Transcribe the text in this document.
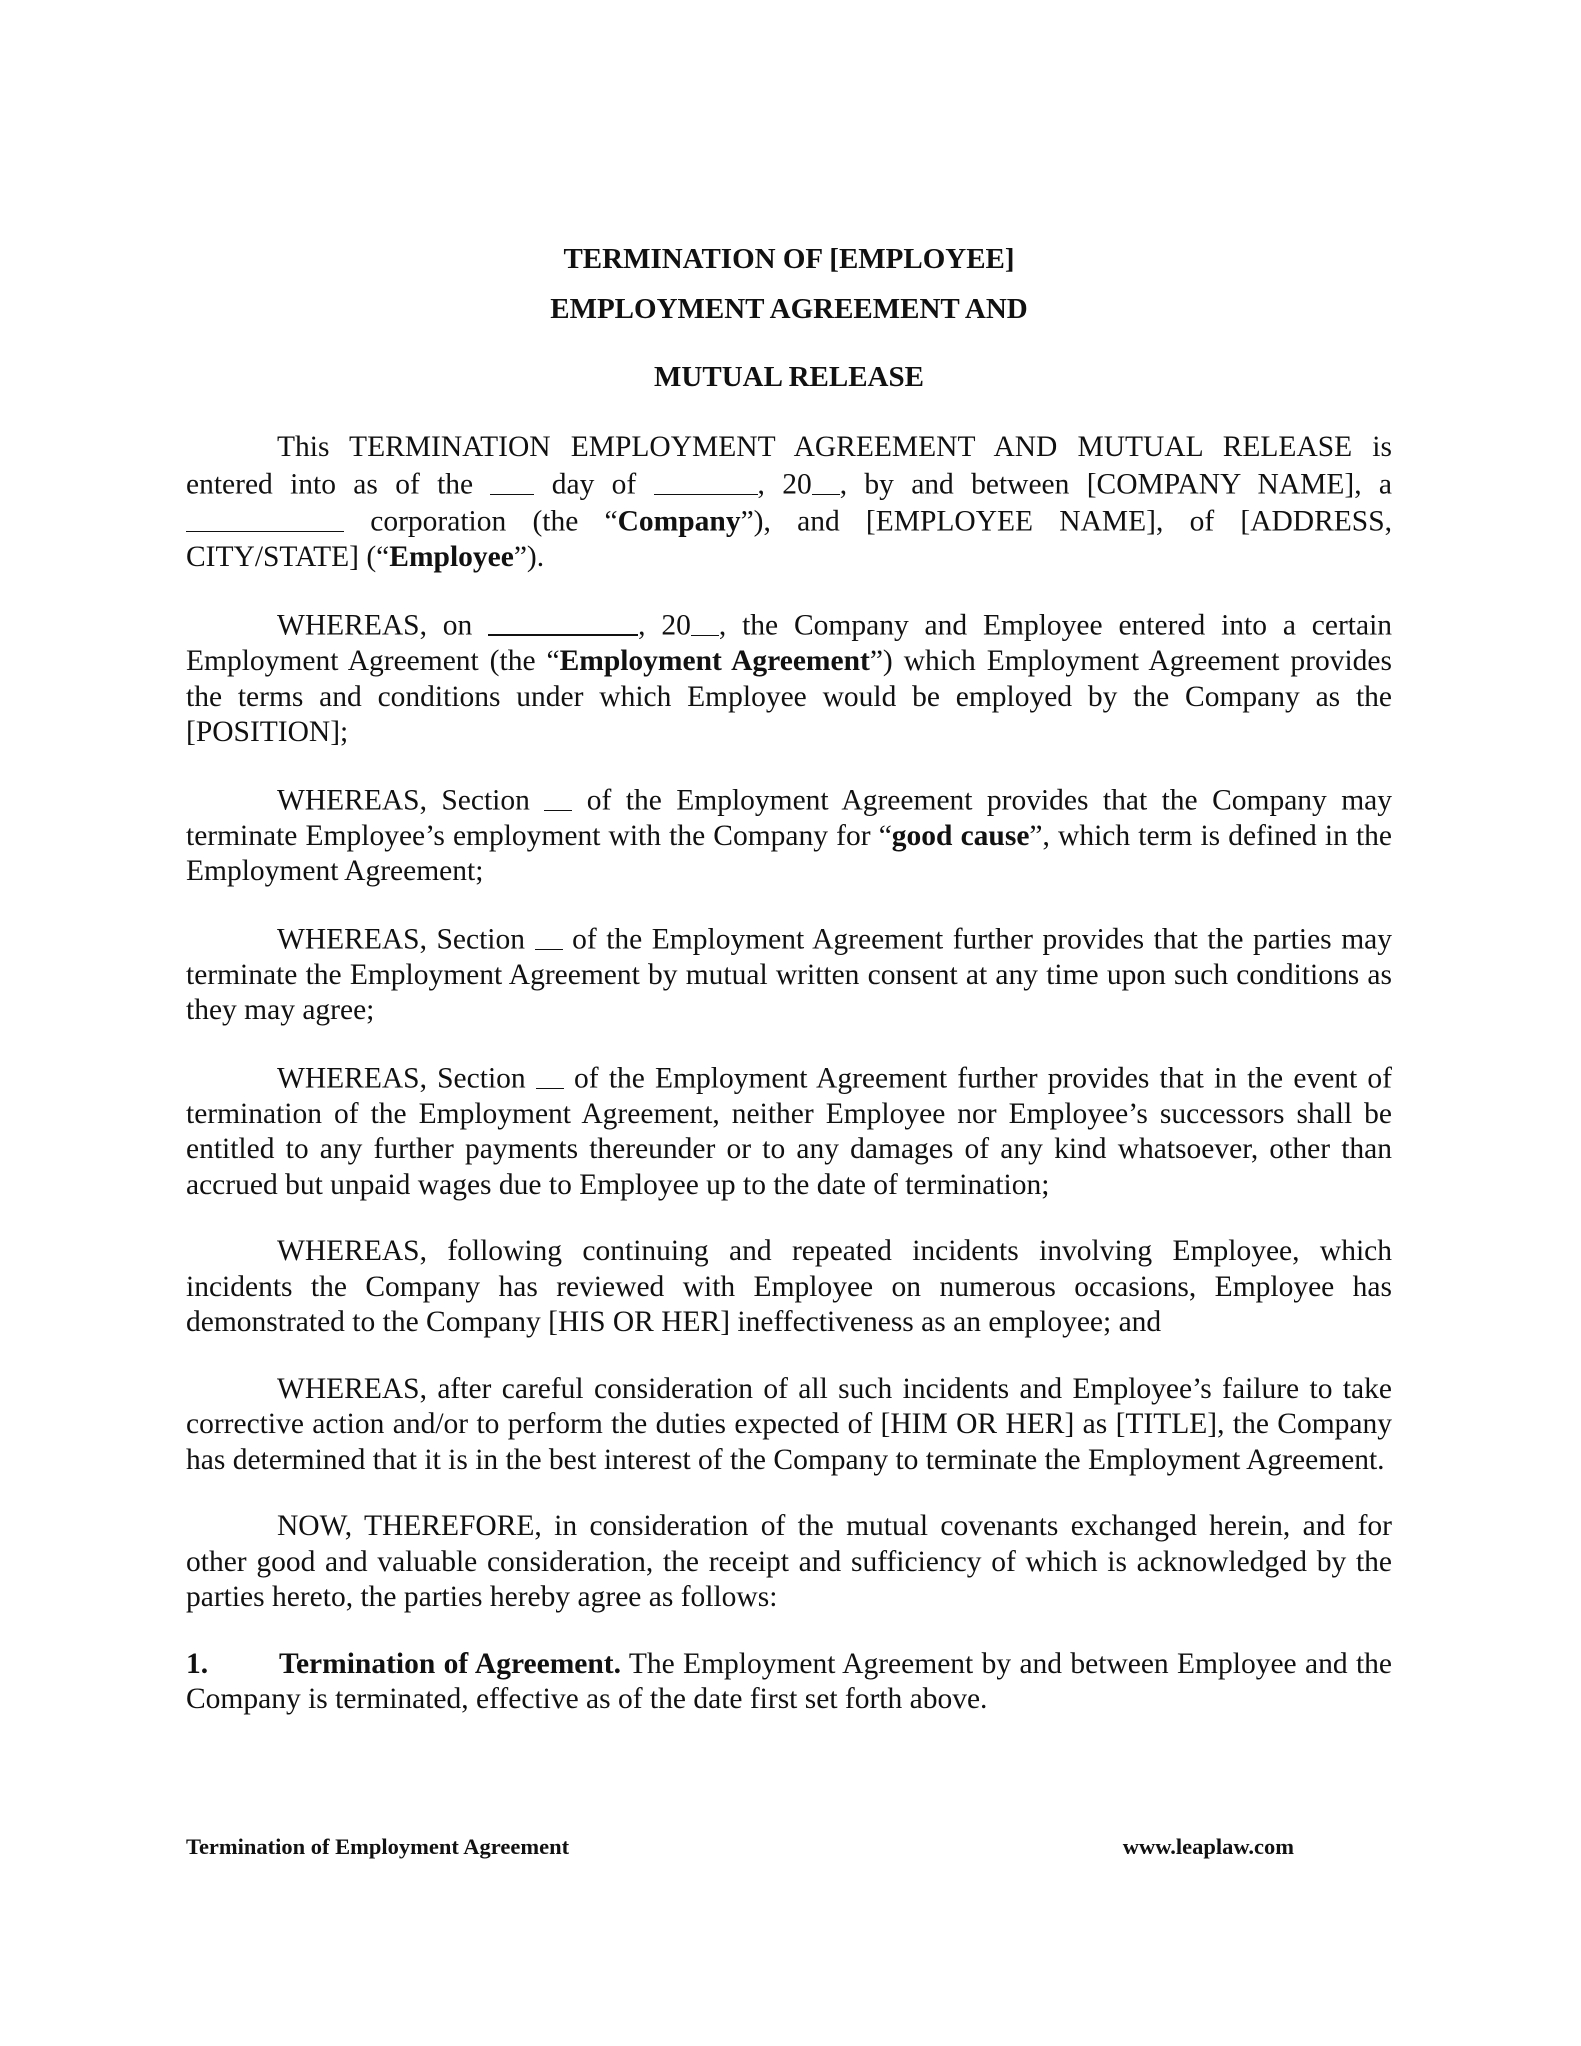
TERMINATION OF [EMPLOYEE]
EMPLOYMENT AGREEMENT AND
MUTUAL RELEASE

This TERMINATION EMPLOYMENT AGREEMENT AND MUTUAL RELEASE is entered into as of the	day of	, 20 , by and between [COMPANY NAME], a  corporation (the “Company”), and [EMPLOYEE NAME], of [ADDRESS, CITY/STATE] (“Employee”).

WHEREAS, on	, 20 , the Company and Employee entered into a certain Employment Agreement (the “Employment Agreement”) which Employment Agreement provides the terms and conditions under which Employee would be employed by the Company as the [POSITION];

WHEREAS, Section of the Employment Agreement provides that the Company may terminate Employee’s employment with the Company for “good cause”, which term is defined in the Employment Agreement;

WHEREAS, Section of the Employment Agreement further provides that the parties may terminate the Employment Agreement by mutual written consent at any time upon such conditions as they may agree;

WHEREAS, Section of the Employment Agreement further provides that in the event of termination of the Employment Agreement, neither Employee nor Employee’s successors shall be entitled to any further payments thereunder or to any damages of any kind whatsoever, other than accrued but unpaid wages due to Employee up to the date of termination;

WHEREAS, following continuing and repeated incidents involving Employee, which incidents the Company has reviewed with Employee on numerous occasions, Employee has demonstrated to the Company [HIS OR HER] ineffectiveness as an employee; and

WHEREAS, after careful consideration of all such incidents and Employee’s failure to take corrective action and/or to perform the duties expected of [HIM OR HER] as [TITLE], the Company has determined that it is in the best interest of the Company to terminate the Employment Agreement.

NOW, THEREFORE, in consideration of the mutual covenants exchanged herein, and for other good and valuable consideration, the receipt and sufficiency of which is acknowledged by the parties hereto, the parties hereby agree as follows:

1. Termination of Agreement. The Employment Agreement by and between Employee and the Company is terminated, effective as of the date first set forth above.

Termination of Employment Agreement	www.leaplaw.com
